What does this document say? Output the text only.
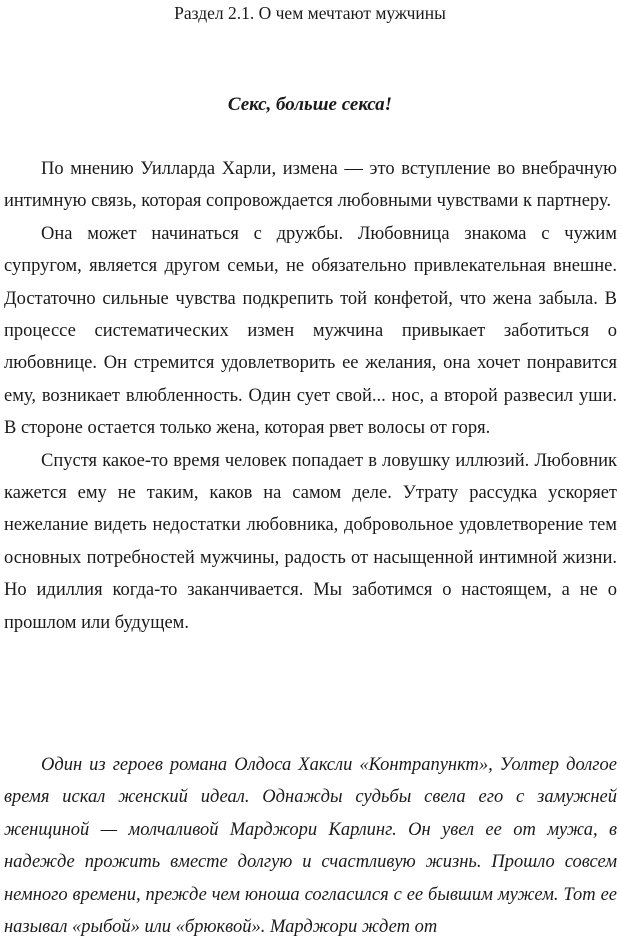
Раздел 2.1. О чем мечтают мужчины
Секс, больше секса!

По мнению Уилларда Харли, измена — это вступление во внебрачную интимную связь, которая сопровождается любовными чувствами к партнеру.

Она может начинаться с дружбы. Любовница знакома с чужим супругом, является другом семьи, не обязательно привлекательная внешне. Достаточно сильные чувства подкрепить той конфетой, что жена забыла. В процессе систематических измен мужчина привыкает заботиться о любовнице. Он стремится удовлетворить ее желания, она хочет понравится ему, возникает влюбленность. Один сует свой... нос, а второй развесил уши. В стороне остается только жена, которая рвет волосы от горя.

Спустя какое-то время человек попадает в ловушку иллюзий. Любовник кажется ему не таким, каков на самом деле. Утрату рассудка ускоряет нежелание видеть недостатки любовника, добровольное удовлетворение тем основных потребностей мужчины, радость от насыщенной интимной жизни. Но идиллия когда-то заканчивается. Мы заботимся о настоящем, а не о прошлом или будущем.

Один из героев романа Олдоса Хаксли «Контрапункт», Уолтер долгое время искал женский идеал. Однажды судьбы свела его с замужней женщиной — молчаливой Марджори Карлинг. Он увел ее от мужа, в надежде прожить вместе долгую и счастливую жизнь. Прошло совсем немного времени, прежде чем юноша согласился с ее бывшим мужем. Тот ее называл «рыбой» или «брюквой». Марджори ждет от
